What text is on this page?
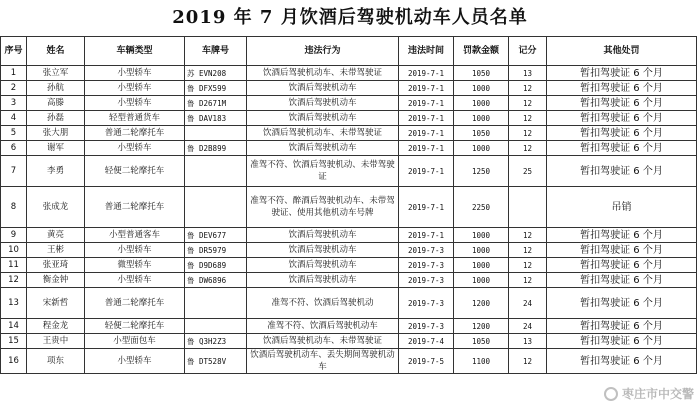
2019 年 7 月饮酒后驾驶机动车人员名单
序号	姓名	车辆类型	车牌号	违法行为	违法时间	罚款金额	记分	其他处罚
1	张立军	小型轿车	苏 EVN208	饮酒后驾驶机动车、未带驾驶证	2019-7-1	1050	13	暂扣驾驶证 6 个月
2	孙航	小型轿车	鲁 DFX599	饮酒后驾驶机动车	2019-7-1	1000	12	暂扣驾驶证 6 个月
3	高滕	小型轿车	鲁 D2671M	饮酒后驾驶机动车	2019-7-1	1000	12	暂扣驾驶证 6 个月
4	孙磊	轻型普通货车	鲁 DAV183	饮酒后驾驶机动车	2019-7-1	1000	12	暂扣驾驶证 6 个月
5	张大朋	普通二轮摩托车		饮酒后驾驶机动车、未带驾驶证	2019-7-1	1050	12	暂扣驾驶证 6 个月
6	谢军	小型轿车	鲁 D2B899	饮酒后驾驶机动车	2019-7-1	1000	12	暂扣驾驶证 6 个月
7	李勇	轻便二轮摩托车		准驾不符、饮酒后驾驶机动、未带驾驶证	2019-7-1	1250	25	暂扣驾驶证 6 个月
8	张成龙	普通二轮摩托车		准驾不符、醉酒后驾驶机动车、未带驾驶证、使用其他机动车号牌	2019-7-1	2250		吊销
9	黄亮	小型普通客车	鲁 DEV677	饮酒后驾驶机动车	2019-7-1	1000	12	暂扣驾驶证 6 个月
10	王彬	小型轿车	鲁 DR5979	饮酒后驾驶机动车	2019-7-3	1000	12	暂扣驾驶证 6 个月
11	张亚琦	微型轿车	鲁 D9D689	饮酒后驾驶机动车	2019-7-3	1000	12	暂扣驾驶证 6 个月
12	衡金钟	小型轿车	鲁 DW6896	饮酒后驾驶机动车	2019-7-3	1000	12	暂扣驾驶证 6 个月
13	宋新哲	普通二轮摩托车		准驾不符、饮酒后驾驶机动	2019-7-3	1200	24	暂扣驾驶证 6 个月
14	程金龙	轻便二轮摩托车		准驾不符、饮酒后驾驶机动车	2019-7-3	1200	24	暂扣驾驶证 6 个月
15	王贵中	小型面包车	鲁 Q3H2Z3	饮酒后驾驶机动车、未带驾驶证	2019-7-4	1050	13	暂扣驾驶证 6 个月
16	项东	小型轿车	鲁 DT528V	饮酒后驾驶机动车、丢失期间驾驶机动车	2019-7-5	1100	12	暂扣驾驶证 6 个月
枣庄市中交警
